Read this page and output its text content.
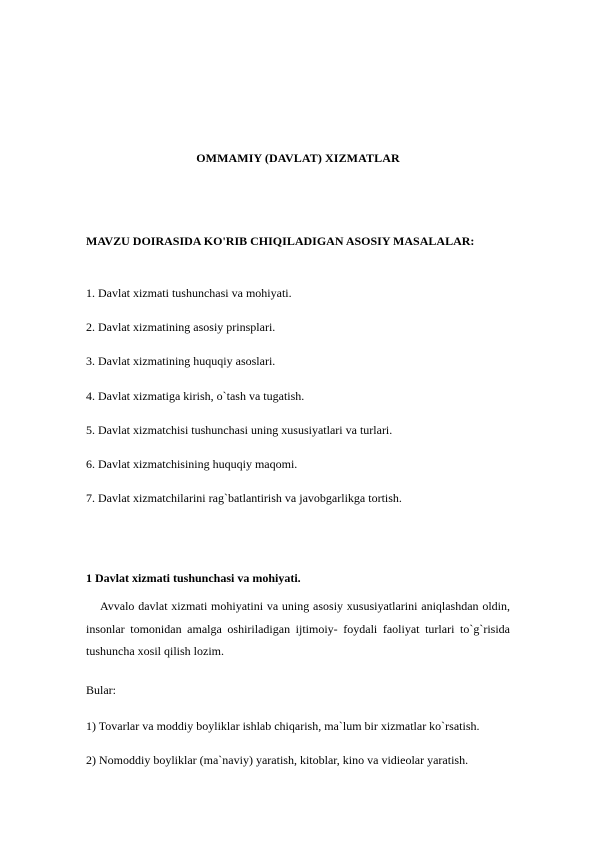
OMMAMIY (DAVLAT) XIZMATLAR
MAVZU DOIRASIDA KO'RIB CHIQILADIGAN ASOSIY MASALALAR:
1. Davlat xizmati tushunchasi va mohiyati.
2. Davlat xizmatining asosiy prinsplari.
3. Davlat xizmatining huquqiy asoslari.
4. Davlat xizmatiga kirish, o`tash va tugatish.
5. Davlat xizmatchisi tushunchasi uning xususiyatlari va turlari.
6. Davlat xizmatchisining huquqiy maqomi.
7. Davlat xizmatchilarini rag`batlantirish va javobgarlikga tortish.
1 Davlat xizmati tushunchasi va mohiyati.

Avvalo davlat xizmati mohiyatini va uning asosiy xususiyatlarini aniqlashdan oldin, insonlar tomonidan amalga oshiriladigan ijtimoiy- foydali faoliyat turlari to`g`risida tushuncha xosil qilish lozim.

Bular:
1) Tovarlar va moddiy boyliklar ishlab chiqarish, ma`lum bir xizmatlar ko`rsatish.
2) Nomoddiy boyliklar (ma`naviy) yaratish, kitoblar, kino va vidieolar yaratish.
